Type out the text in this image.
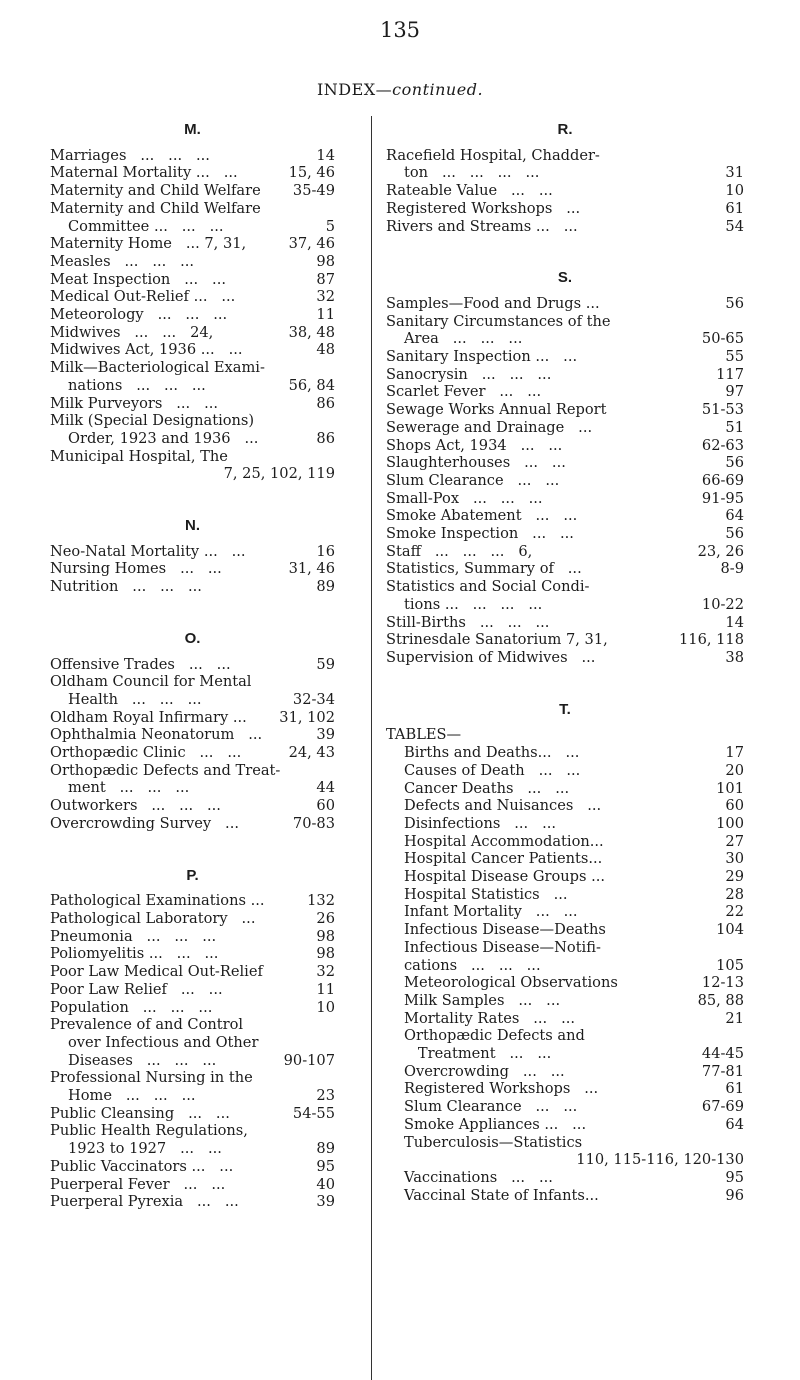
135
INDEX—continued.
M.
Marriages   ...   ...   ...	14
Maternal Mortality ...   ...	15, 46
Maternity and Child Welfare 35-49
Maternity and Child Welfare
Committee ...   ...   ...	5
Maternity Home   ... 7, 31,	37, 46
Measles   ...   ...   ...	98
Meat Inspection   ...   ...	87
Medical Out-Relief ...   ...	32
Meteorology   ...   ...   ...	11
Midwives   ...   ...   24,	38, 48
Midwives Act, 1936 ...   ...	48
Milk—Bacteriological Exami-
nations   ...   ...   ...	56, 84
Milk Purveyors   ...   ...	86
Milk (Special Designations)
Order, 1923 and 1936   ...	86
Municipal Hospital, The
7, 25, 102, 119
N.
Neo-Natal Mortality ...   ...	16
Nursing Homes   ...   ...	31, 46
Nutrition   ...   ...   ...	89
O.
Offensive Trades   ...   ...	59
Oldham Council for Mental
Health   ...   ...   ...	32-34
Oldham Royal Infirmary ... 31, 102
Ophthalmia Neonatorum   ...	39
Orthopædic Clinic   ...   ...	24, 43
Orthopædic Defects and Treat-
ment   ...   ...   ...	44
Outworkers   ...   ...   ...	60
Overcrowding Survey   ...	70-83
P.
Pathological Examinations ...	132
Pathological Laboratory   ...	26
Pneumonia   ...   ...   ...	98
Poliomyelitis ...   ...   ...	98
Poor Law Medical Out-Relief	32
Poor Law Relief   ...   ...	11
Population   ...   ...   ...	10
Prevalence of and Control
over Infectious and Other
Diseases   ...   ...   ...	90-107
Professional Nursing in the
Home   ...   ...   ...	23
Public Cleansing   ...   ...	54-55
Public Health Regulations,
1923 to 1927   ...   ...	89
Public Vaccinators ...   ...	95
Puerperal Fever   ...   ...	40
Puerperal Pyrexia   ...   ...	39
R.
Racefield Hospital, Chadder-
ton   ...   ...   ...   ...	31
Rateable Value   ...   ...	10
Registered Workshops   ...	61
Rivers and Streams ...   ...	54
S.
Samples—Food and Drugs ...	56
Sanitary Circumstances of the
Area   ...   ...   ...	50-65
Sanitary Inspection ...   ...	55
Sanocrysin   ...   ...   ...	117
Scarlet Fever   ...   ...	97
Sewage Works Annual Report	51-53
Sewerage and Drainage   ...	51
Shops Act, 1934   ...   ...	62-63
Slaughterhouses   ...   ...	56
Slum Clearance   ...   ...	66-69
Small-Pox   ...   ...   ...	91-95
Smoke Abatement   ...   ...	64
Smoke Inspection   ...   ...	56
Staff   ...   ...   ...   6,	23, 26
Statistics, Summary of   ...	8-9
Statistics and Social Condi-
tions ...   ...   ...   ...	10-22
Still-Births   ...   ...   ...	14
Strinesdale Sanatorium 7, 31,	116, 118
Supervision of Midwives   ...	38
T.
TABLES—
Births and Deaths...   ...	17
Causes of Death   ...   ...	20
Cancer Deaths   ...   ...	101
Defects and Nuisances   ...	60
Disinfections   ...   ...	100
Hospital Accommodation...	27
Hospital Cancer Patients...	30
Hospital Disease Groups ...	29
Hospital Statistics   ...	28
Infant Mortality   ...   ...	22
Infectious Disease—Deaths	104
Infectious Disease—Notifi-
cations   ...   ...   ...	105
Meteorological Observations	12-13
Milk Samples   ...   ...	85, 88
Mortality Rates   ...   ...	21
Orthopædic Defects and
Treatment   ...   ...	44-45
Overcrowding   ...   ...	77-81
Registered Workshops   ...	61
Slum Clearance   ...   ...	67-69
Smoke Appliances ...   ...	64
Tuberculosis—Statistics
110, 115-116, 120-130
Vaccinations   ...   ...	95
Vaccinal State of Infants...	96
